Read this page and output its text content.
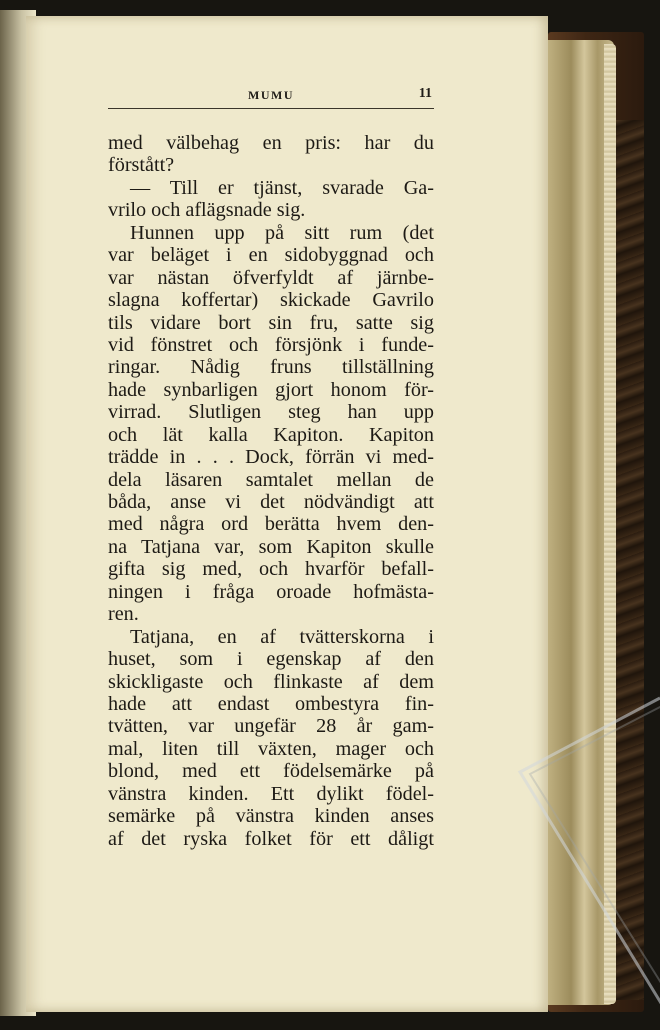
MUMU	11
med välbehag en pris: har du
förstått?
— Till er tjänst, svarade Ga-
vrilo och aflägsnade sig.
Hunnen upp på sitt rum (det
var beläget i en sidobyggnad och
var nästan öfverfyldt af järnbe-
slagna koffertar) skickade Gavrilo
tils vidare bort sin fru, satte sig
vid fönstret och försjönk i funde-
ringar. Nådig fruns tillställning
hade synbarligen gjort honom för-
virrad. Slutligen steg han upp
och lät kalla Kapiton. Kapiton
trädde in . . . Dock, förrän vi med-
dela läsaren samtalet mellan de
båda, anse vi det nödvändigt att
med några ord berätta hvem den-
na Tatjana var, som Kapiton skulle
gifta sig med, och hvarför befall-
ningen i fråga oroade hofmästa-
ren.
Tatjana, en af tvätterskorna i
huset, som i egenskap af den
skickligaste och flinkaste af dem
hade att endast ombestyra fin-
tvätten, var ungefär 28 år gam-
mal, liten till växten, mager och
blond, med ett födelsemärke på
vänstra kinden. Ett dylikt födel-
semärke på vänstra kinden anses
af det ryska folket för ett dåligt
